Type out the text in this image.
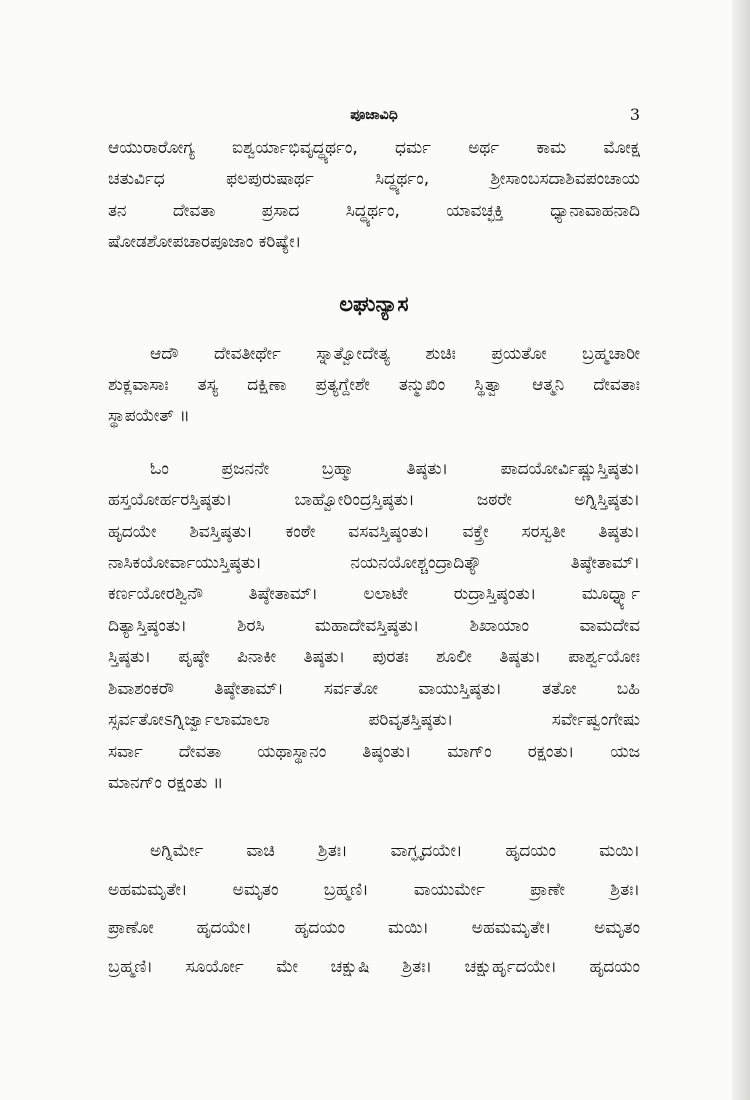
ಪೂಜಾವಿಧಿ	3

ಆಯುರಾರೋಗ್ಯ ಐಶ್ವರ್ಯಾಭಿವೃದ್ಧ್ಯರ್ಥಂ, ಧರ್ಮ ಅರ್ಥ ಕಾಮ ಮೋಕ್ಷ
ಚತುರ್ವಿಧ ಫಲಪುರುಷಾರ್ಥ ಸಿದ್ಧ್ಯರ್ಥಂ, ಶ್ರೀಸಾಂಬಸದಾಶಿವಪಂಚಾಯ
ತನ ದೇವತಾ ಪ್ರಸಾದ ಸಿದ್ಧ್ಯರ್ಥಂ, ಯಾವಚ್ಛಕ್ತಿ ಧ್ಯಾನಾವಾಹನಾದಿ
ಷೋಡಶೋಪಚಾರಪೂಜಾಂ ಕರಿಷ್ಯೇ।

ಲಘುನ್ಯಾಸ

ಆದೌ ದೇವತೀರ್ಥೇ ಸ್ನಾತ್ವೋದೇತ್ಯ ಶುಚಿಃ ಪ್ರಯತೋ ಬ್ರಹ್ಮಚಾರೀ
ಶುಕ್ಲವಾಸಾಃ ತಸ್ಯ ದಕ್ಷಿಣಾ ಪ್ರತ್ಯಗ್ದೇಶೇ ತನ್ಮುಖಿಂ ಸ್ಥಿತ್ವಾ ಆತ್ಮನಿ ದೇವತಾಃ
ಸ್ಥಾಪಯೇತ್ ॥

ಓಂ ಪ್ರಜನನೇ ಬ್ರಹ್ಮಾ ತಿಷ್ಠತು। ಪಾದಯೋರ್ವಿಷ್ಣುಸ್ತಿಷ್ಠತು।
ಹಸ್ತಯೋರ್ಹರಸ್ತಿಷ್ಠತು। ಬಾಹ್ವೋರಿಂದ್ರಸ್ತಿಷ್ಠತು। ಜಠರೇ ಅಗ್ನಿಸ್ತಿಷ್ಠತು।
ಹೃದಯೇ ಶಿವಸ್ತಿಷ್ಠತು। ಕಂಠೇ ವಸವಸ್ತಿಷ್ಠಂತು। ವಕ್ತ್ರೇ ಸರಸ್ವತೀ ತಿಷ್ಠತು।
ನಾಸಿಕಯೋರ್ವಾಯುಸ್ತಿಷ್ಠತು। ನಯನಯೋಶ್ಚಂದ್ರಾದಿತ್ಯೌ ತಿಷ್ಠೇತಾಮ್।
ಕರ್ಣಯೋರಶ್ವಿನೌ ತಿಷ್ಠೇತಾಮ್। ಲಲಾಟೇ ರುದ್ರಾಸ್ತಿಷ್ಠಂತು। ಮೂರ್ಧ್ನ್ಯಾ
ದಿತ್ಯಾಸ್ತಿಷ್ಠಂತು। ಶಿರಸಿ ಮಹಾದೇವಸ್ತಿಷ್ಠತು। ಶಿಖಾಯಾಂ ವಾಮದೇವ
ಸ್ತಿಷ್ಠತು। ಪೃಷ್ಠೇ ಪಿನಾಕೀ ತಿಷ್ಠತು। ಪುರತಃ ಶೂಲೀ ತಿಷ್ಠತು। ಪಾರ್ಶ್ವಯೋಃ
ಶಿವಾಶಂಕರೌ ತಿಷ್ಠೇತಾಮ್। ಸರ್ವತೋ ವಾಯುಸ್ತಿಷ್ಠತು। ತತೋ ಬಹಿ
ಸ್ಸರ್ವತೋಽಗ್ನಿರ್ಜ್ವಾಲಾಮಾಲಾ ಪರಿವೃತಸ್ತಿಷ್ಠತು। ಸರ್ವೇಷ್ವಂಗೇಷು
ಸರ್ವಾ ದೇವತಾ ಯಥಾಸ್ಥಾನಂ ತಿಷ್ಠಂತು। ಮಾಗ್ಂ ರಕ್ಷಂತು। ಯಜ
ಮಾನಗ್ಂ ರಕ್ಷಂತು ॥

ಅಗ್ನಿರ್ಮೇ ವಾಚಿ ಶ್ರಿತಃ। ವಾಗ್ಘೃದಯೇ। ಹೃದಯಂ ಮಯಿ।
ಅಹಮಮೃತೇ। ಅಮೃತಂ ಬ್ರಹ್ಮಣಿ। ವಾಯುರ್ಮೇ ಪ್ರಾಣೇ ಶ್ರಿತಃ।
ಪ್ರಾಣೋ ಹೃದಯೇ। ಹೃದಯಂ ಮಯಿ। ಅಹಮಮೃತೇ। ಅಮೃತಂ
ಬ್ರಹ್ಮಣಿ। ಸೂರ್ಯೋ ಮೇ ಚಕ್ಷುಷಿ ಶ್ರಿತಃ। ಚಕ್ಷುರ್ಹೃದಯೇ। ಹೃದಯಂ
